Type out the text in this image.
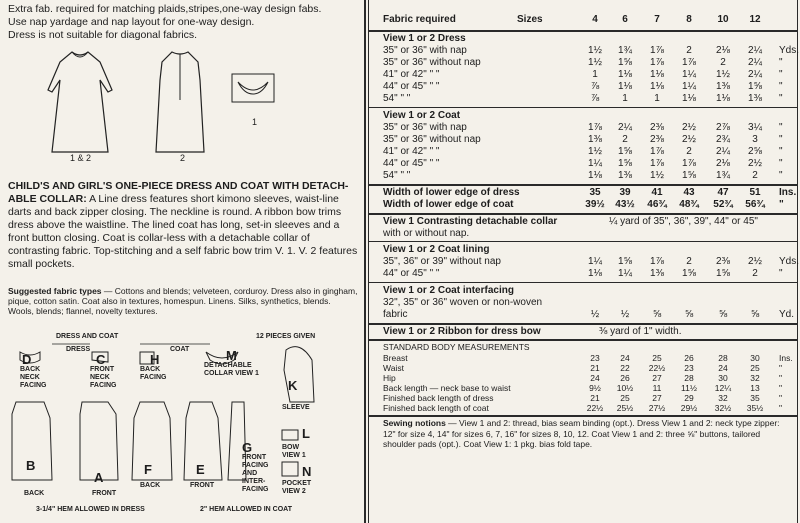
Extra fab. required for matching plaids,stripes,one-way design fabs.
Use nap yardage and nap layout for one-way design.
Dress is not suitable for diagonal fabrics.
1 & 2	2
1
CHILD'S AND GIRL'S ONE-PIECE DRESS AND COAT WITH DETACH-ABLE COLLAR: A Line dress features short kimono sleeves, waist-line darts and back zipper closing. The neckline is round. A ribbon bow trims dress above the waistline. The lined coat has long, set-in sleeves and a front button closing. Coat is collar-less with a detachable collar of contrasting fabric. Top-stitching and a self fabric bow trim V. 1. V. 2 features small pockets.
Suggested fabric types — Cottons and blends; velveteen, corduroy. Dress also in gingham, pique, cotton satin. Coat also in textures, homespun. Linens. Silks, synthetics, blends. Wools, blends; flannel, novelty textures.
DRESS AND COAT
DRESS	COAT
12 PIECES GIVEN
D
BACK NECK FACING
C
FRONT NECK FACING
H
BACK FACING
M
DETACHABLE COLLAR VIEW 1
K
SLEEVE
B
BACK
A
FRONT
F
BACK
E
FRONT
G
FRONT FACING AND INTER-FACING
L
BOW VIEW 1
N
POCKET VIEW 2
3-1/4" HEM ALLOWED IN DRESS	2" HEM ALLOWED IN COAT
Fabric required	Sizes	4	6	7	8	10	12
View 1 or 2 Dress
35" or 36" with nap	1½	1¾	1⅞	2	2⅛	2¼	Yds.
35" or 36" without nap	1½	1⅝	1⅞	1⅞	2	2¼	"
41" or 42" " "	1	1⅛	1⅛	1¼	1½	2¼	"
44" or 45" " "	⅞	1⅛	1⅛	1¼	1⅜	1⅝	"
54" " "	⅞	1	1	1⅛	1⅛	1⅜	"
View 1 or 2 Coat
35" or 36" with nap	1⅞	2¼	2⅜	2½	2⅞	3¼	"
35" or 36" without nap	1⅜	2	2⅜	2½	2¾	3	"
41" or 42" " "	1½	1⅝	1⅞	2	2¼	2⅝	"
44" or 45" " "	1¼	1⅝	1⅞	1⅞	2⅛	2½	"
54" " "	1⅛	1⅜	1½	1⅝	1¾	2	"
Width of lower edge of dress	35	39	41	43	47	51	Ins.
Width of lower edge of coat	39½	43½	46¾	48¾	52¾	56¾	"
View 1 Contrasting detachable collar	¼ yard of 35", 36", 39", 44" or 45"
with or without nap.
View 1 or 2 Coat lining
35", 36" or 39" without nap	1¼	1⅝	1⅞	2	2⅜	2½	Yds.
44" or 45" " "	1⅛	1¼	1⅜	1⅝	1⅝	2	"
View 1 or 2 Coat interfacing
32", 35" or 36" woven or non-woven
fabric	½	½	⅝	⅝	⅝	⅝	Yd.
View 1 or 2 Ribbon for dress bow	⅜ yard of 1" width.
STANDARD BODY MEASUREMENTS
Breast	23	24	25	26	28	30	Ins.
Waist	21	22	22½	23	24	25	"
Hip	24	26	27	28	30	32	"
Back length — neck base to waist	9½	10½	11	11½	12¼	13	"
Finished back length of dress	21	25	27	29	32	35	"
Finished back length of coat	22½	25½	27½	29½	32½	35½	"
Sewing notions — View 1 and 2: thread, bias seam binding (opt.). Dress View 1 and 2: neck type zipper: 12" for size 4, 14" for sizes 6, 7, 16" for sizes 8, 10, 12. Coat View 1 and 2: three ⅝" buttons, tailored shoulder pads (opt.). Coat View 1: 1 pkg. bias fold tape.
